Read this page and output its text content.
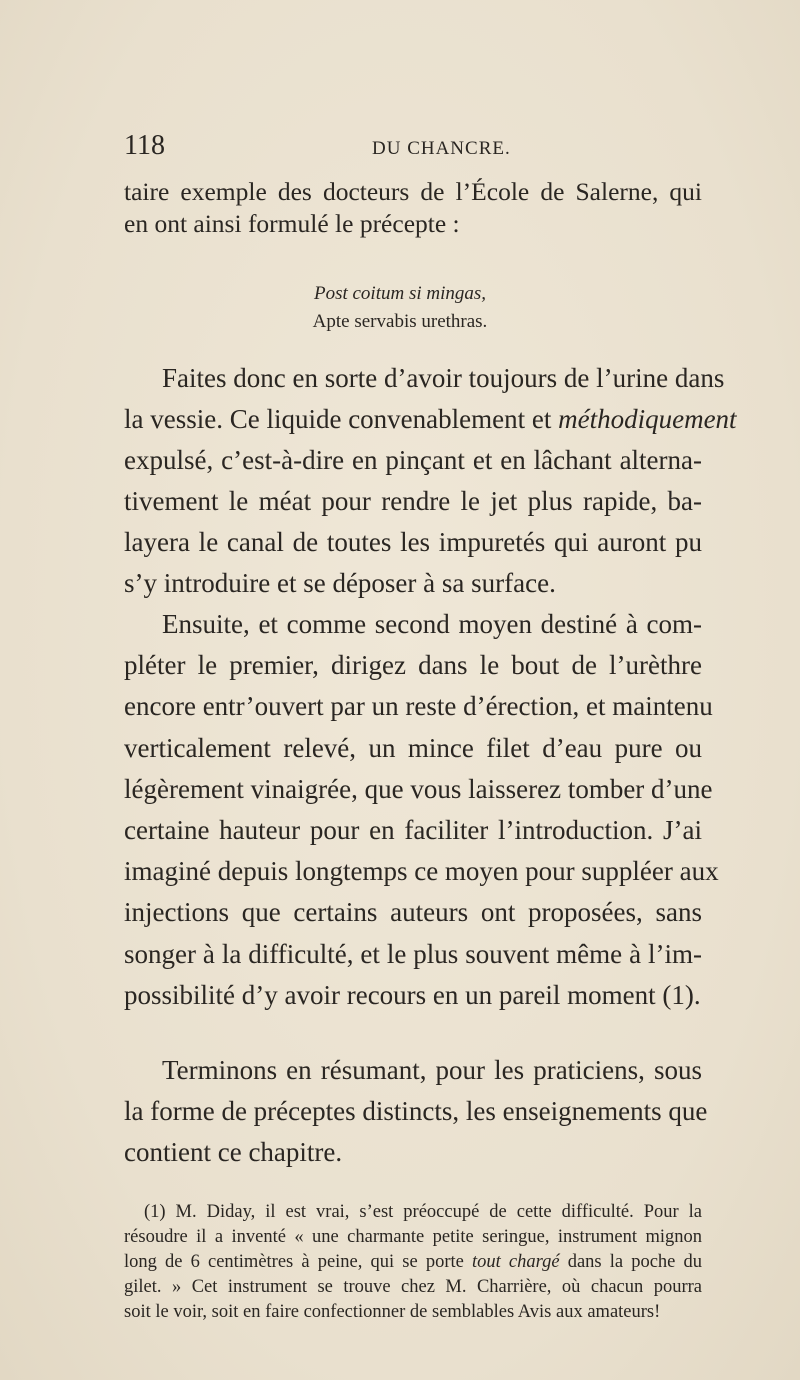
118	DU CHANCRE.
taire exemple des docteurs de l’École de Salerne, qui
en ont ainsi formulé le précepte :
Post coitum si mingas,
Apte servabis urethras.
Faites donc en sorte d’avoir toujours de l’urine dans
la vessie. Ce liquide convenablement et méthodiquement
expulsé, c’est-à-dire en pinçant et en lâchant alterna-
tivement le méat pour rendre le jet plus rapide, ba-
layera le canal de toutes les impuretés qui auront pu
s’y introduire et se déposer à sa surface.
Ensuite, et comme second moyen destiné à com-
pléter le premier, dirigez dans le bout de l’urèthre
encore entr’ouvert par un reste d’érection, et maintenu
verticalement relevé, un mince filet d’eau pure ou
légèrement vinaigrée, que vous laisserez tomber d’une
certaine hauteur pour en faciliter l’introduction. J’ai
imaginé depuis longtemps ce moyen pour suppléer aux
injections que certains auteurs ont proposées, sans
songer à la difficulté, et le plus souvent même à l’im-
possibilité d’y avoir recours en un pareil moment (1).
Terminons en résumant, pour les praticiens, sous
la forme de préceptes distincts, les enseignements que
contient ce chapitre.
(1) M. Diday, il est vrai, s’est préoccupé de cette difficulté. Pour la
résoudre il a inventé « une charmante petite seringue, instrument mignon
long de 6 centimètres à peine, qui se porte tout chargé dans la poche du
gilet. » Cet instrument se trouve chez M. Charrière, où chacun pourra
soit le voir, soit en faire confectionner de semblables Avis aux amateurs!
